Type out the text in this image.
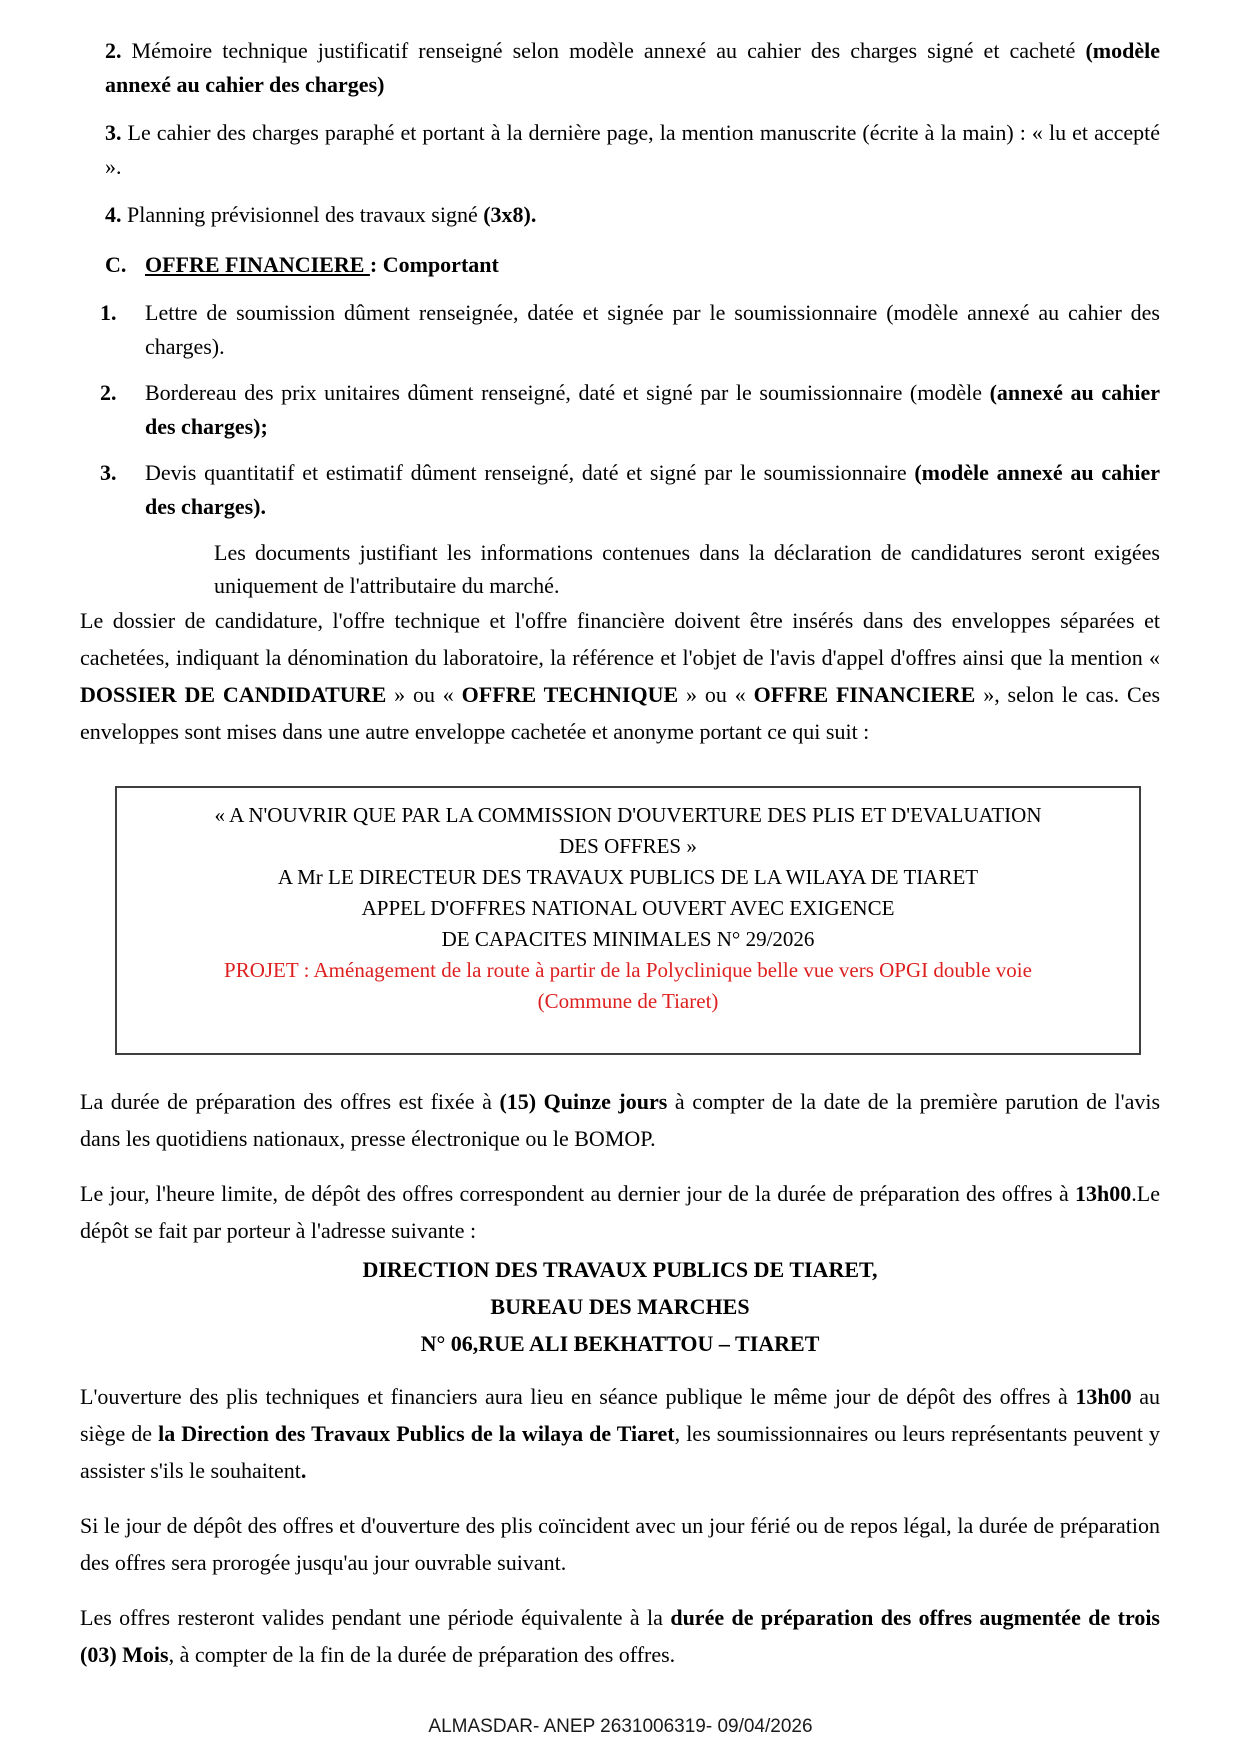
2. Mémoire technique justificatif renseigné selon modèle annexé au cahier des charges signé et cacheté (modèle annexé au cahier des charges)

3. Le cahier des charges paraphé et portant à la dernière page, la mention manuscrite (écrite à la main) : « lu et accepté ».

4. Planning prévisionnel des travaux signé (3x8).

C. OFFRE FINANCIERE : Comportant
1.	Lettre de soumission dûment renseignée, datée et signée par le soumissionnaire (modèle annexé au cahier des charges).
2.	Bordereau des prix unitaires dûment renseigné, daté et signé par le soumissionnaire (modèle (annexé au cahier des charges);
3.	Devis quantitatif et estimatif dûment renseigné, daté et signé par le soumissionnaire (modèle annexé au cahier des charges).

Les documents justifiant les informations contenues dans la déclaration de candidatures seront exigées uniquement de l'attributaire du marché.

Le dossier de candidature, l'offre technique et l'offre financière doivent être insérés dans des enveloppes séparées et cachetées, indiquant la dénomination du laboratoire, la référence et l'objet de l'avis d'appel d'offres ainsi que la mention « DOSSIER DE CANDIDATURE » ou « OFFRE TECHNIQUE » ou « OFFRE FINANCIERE », selon le cas. Ces enveloppes sont mises dans une autre enveloppe cachetée et anonyme portant ce qui suit :

« A N'OUVRIR QUE PAR LA COMMISSION D'OUVERTURE DES PLIS ET D'EVALUATION

DES OFFRES »

A Mr LE DIRECTEUR DES TRAVAUX PUBLICS DE LA WILAYA DE TIARET

APPEL D'OFFRES NATIONAL OUVERT AVEC EXIGENCE

DE CAPACITES MINIMALES N° 29/2026

PROJET : Aménagement de la route à partir de la Polyclinique belle vue vers OPGI double voie

(Commune de Tiaret)

La durée de préparation des offres est fixée à (15) Quinze jours à compter de la date de la première parution de l'avis dans les quotidiens nationaux, presse électronique ou le BOMOP.

Le jour, l'heure limite, de dépôt des offres correspondent au dernier jour de la durée de préparation des offres à 13h00.Le dépôt se fait par porteur à l'adresse suivante :

DIRECTION DES TRAVAUX PUBLICS DE TIARET,

BUREAU DES MARCHES

N° 06,RUE ALI BEKHATTOU – TIARET

L'ouverture des plis techniques et financiers aura lieu en séance publique le même jour de dépôt des offres à 13h00 au siège de la Direction des Travaux Publics de la wilaya de Tiaret, les soumissionnaires ou leurs représentants peuvent y assister s'ils le souhaitent.

Si le jour de dépôt des offres et d'ouverture des plis coïncident avec un jour férié ou de repos légal, la durée de préparation des offres sera prorogée jusqu'au jour ouvrable suivant.

Les offres resteront valides pendant une période équivalente à la durée de préparation des offres augmentée de trois (03) Mois, à compter de la fin de la durée de préparation des offres.

ALMASDAR- ANEP 2631006319- 09/04/2026
